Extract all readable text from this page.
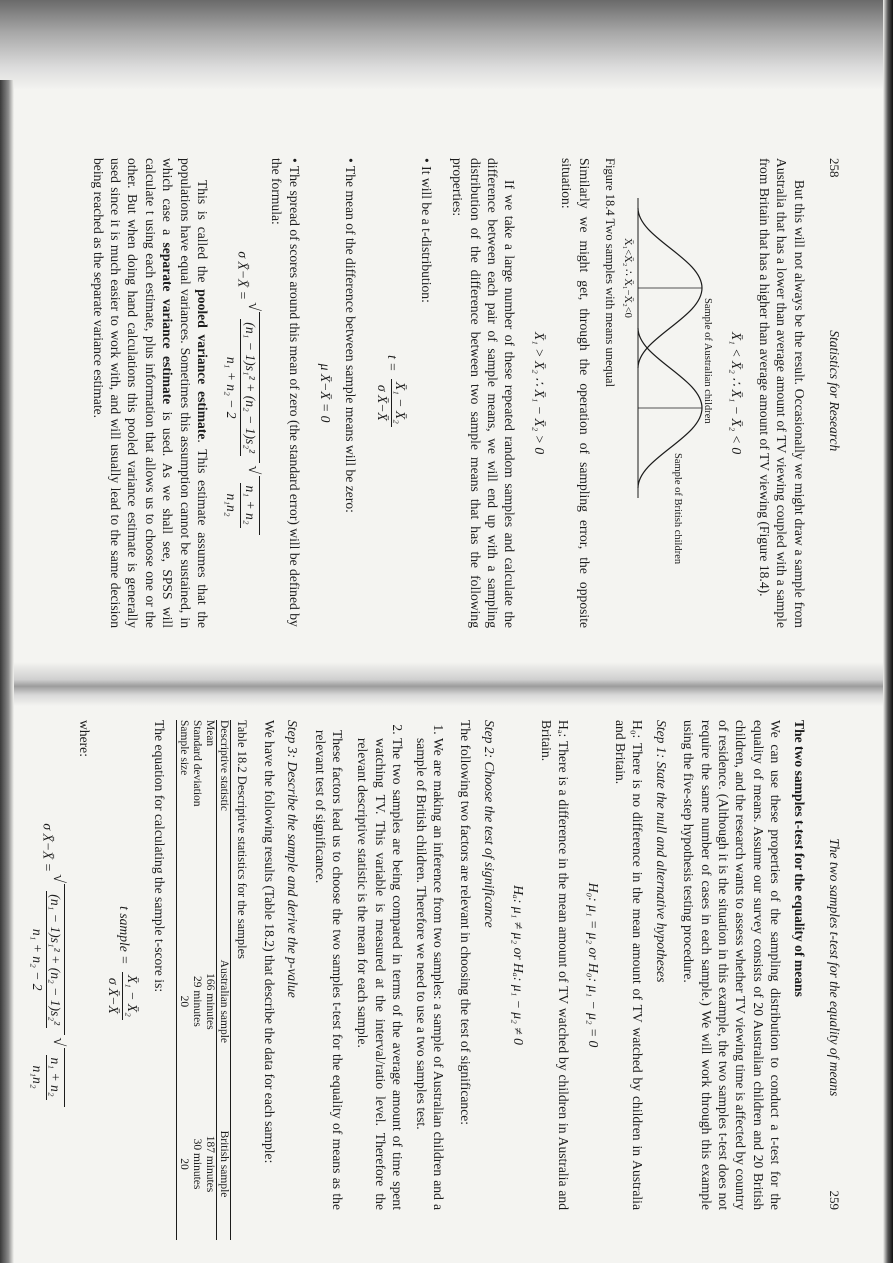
258
Statistics for Research

But this will not always be the result. Occasionally we might draw a sample from Australia that has a lower than average amount of TV viewing coupled with a sample from Britain that has a higher than average amount of TV viewing (Figure 18.4).

X̄₁ < X̄₂ ∴ X̄₁ − X̄₂ < 0
Sample of Australian children
Sample of British children
X̄₁<X̄₂ ∴ X̄₁−X̄₂<0
Figure 18.4 Two samples with means unequal

Similarly we might get, through the operation of sampling error, the opposite situation:

X̄₁ > X̄₂ ∴ X̄₁ − X̄₂ > 0

If we take a large number of these repeated random samples and calculate the difference between each pair of sample means, we will end up with a sampling distribution of the difference between two sample means that has the following properties:

• It will be a t-distribution:
t =
X̄₁ − X̄₂
σ X̄−X̄
• The mean of the difference between sample means will be zero:
μ X̄−X̄ = 0
• The spread of scores around this mean of zero (the standard error) will be defined by the formula:
σ X̄−X̄ =
√ (n₁ − 1)s₁² + (n₂ − 1)s₂²
n₁ + n₂ − 2

√ n₁ + n₂
n₁n₂

This is called the pooled variance estimate. This estimate assumes that the populations have equal variances. Sometimes this assumption cannot be sustained, in which case a separate variance estimate is used. As we shall see, SPSS will calculate t using each estimate, plus information that allows us to choose one or the other. But when doing hand calculations this pooled variance estimate is generally used since it is much easier to work with, and will usually lead to the same decision being reached as the separate variance estimate.

The two samples t-test for the equality of means
259
The two samples t-test for the equality of means

We can use these properties of the sampling distribution to conduct a t-test for the equality of means. Assume our survey consists of 20 Australian children and 20 British children, and the research wants to assess whether TV viewing time is affected by country of residence. (Although it is the situation in this example, the two samples t-test does not require the same number of cases in each sample.) We will work through this example using the five-step hypothesis testing procedure.

Step 1: State the null and alternative hypotheses

H₀: There is no difference in the mean amount of TV watched by children in Australia and Britain.

H₀: μ₁ = μ₂ or H₀: μ₁ − μ₂ = 0

Hₐ: There is a difference in the mean amount of TV watched by children in Australia and Britain.

Hₐ: μ₁ ≠ μ₂ or Hₐ: μ₁ − μ₂ ≠ 0
Step 2: Choose the test of significance

The following two factors are relevant in choosing the test of significance:

1. We are making an inference from two samples: a sample of Australian children and a sample of British children. Therefore we need to use a two samples test.
2. The two samples are being compared in terms of the average amount of time spent watching TV. This variable is measured at the interval/ratio level. Therefore the relevant descriptive statistic is the mean for each sample.

These factors lead us to choose the two samples t-test for the equality of means as the relevant test of significance.

Step 3: Describe the sample and derive the p-value

We have the following results (Table 18.2) that describe the data for each sample:

Table 18.2 Descriptive statistics for the samples
Descriptive statistic	Australian sample	British sample
Mean	166 minutes	187 minutes
Standard deviation	29 minutes	30 minutes
Sample size	20	20

The equation for calculating the sample t-score is:

t sample =
X̄₁ − X̄₂
σ X̄−X̄

where:

σ X̄−X̄ =
√ (n₁ − 1)s₁² + (n₂ − 1)s₂²
n₁ + n₂ − 2

√ n₁ + n₂
n₁n₂
